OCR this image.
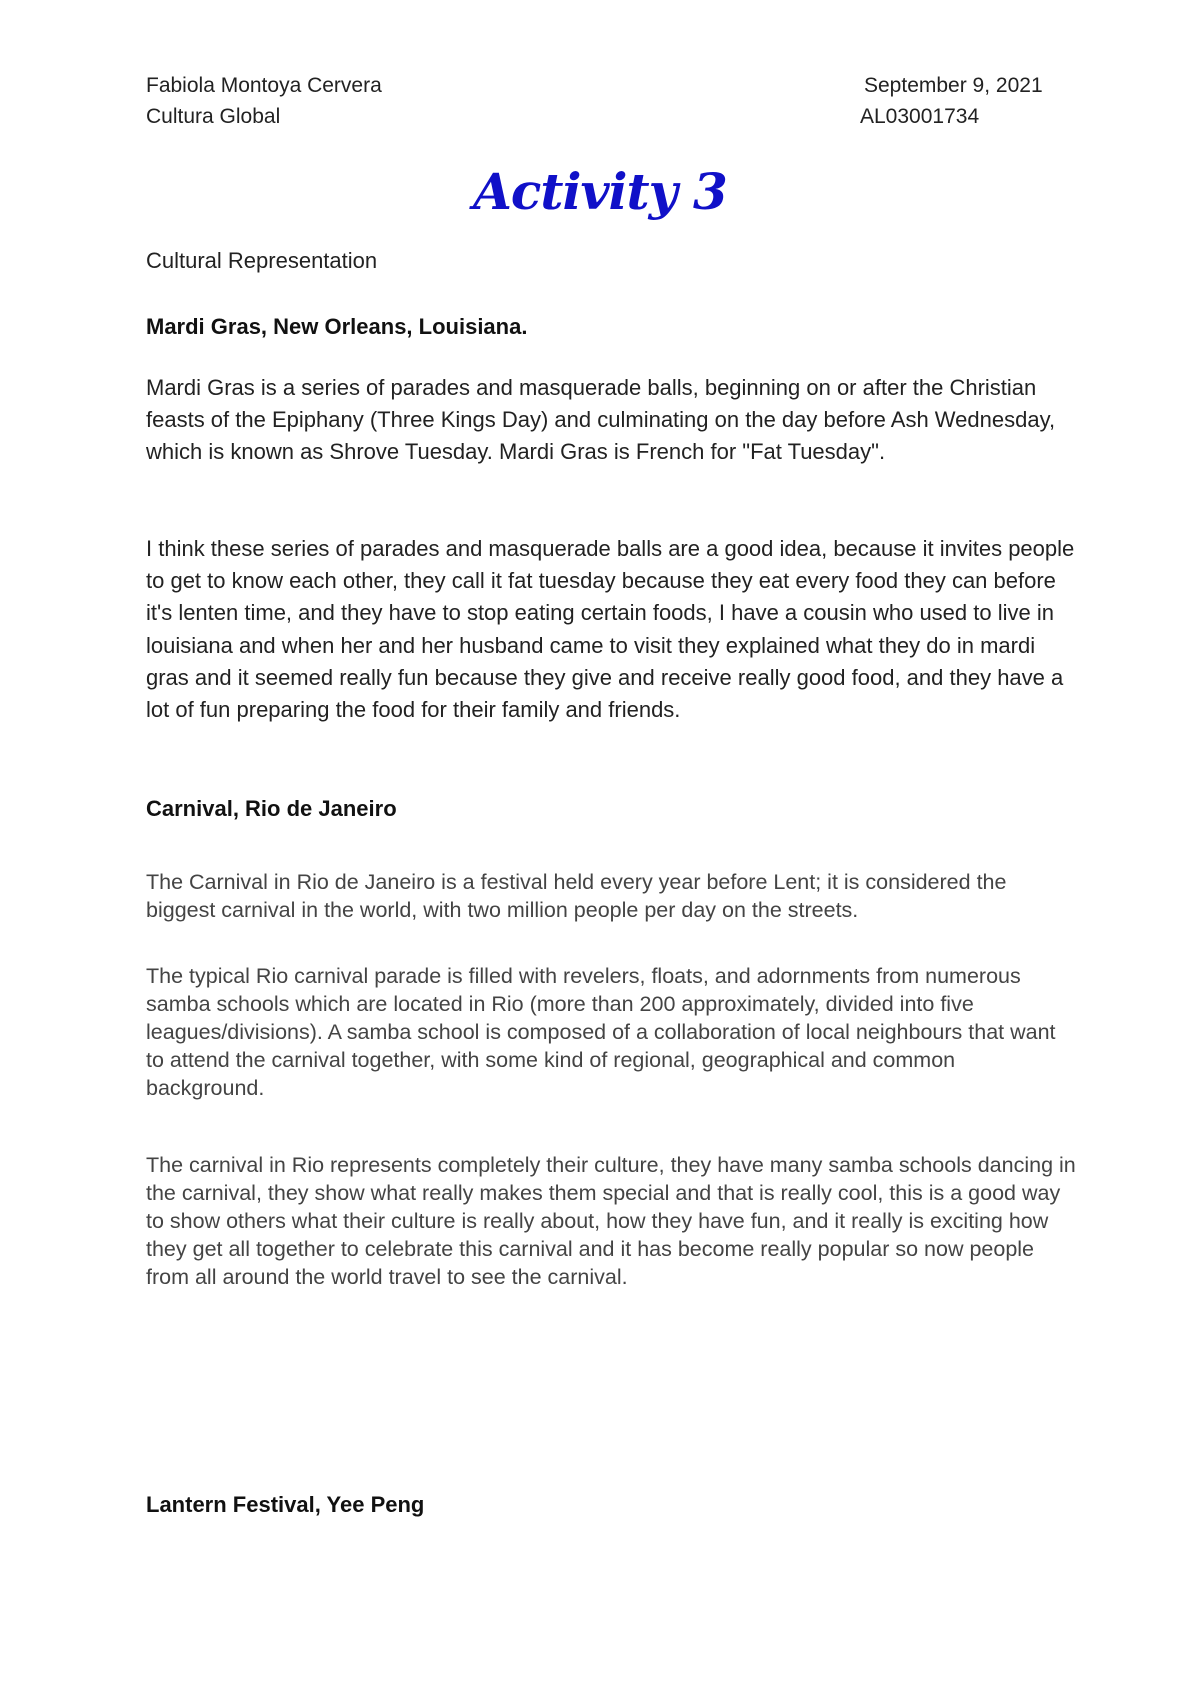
Fabiola Montoya Cervera	September 9, 2021
Cultura Global	AL03001734
Activity 3
Cultural Representation
Mardi Gras, New Orleans, Louisiana.

Mardi Gras is a series of parades and masquerade balls, beginning on or after the Christian feasts of the Epiphany (Three Kings Day) and culminating on the day before Ash Wednesday, which is known as Shrove Tuesday. Mardi Gras is French for "Fat Tuesday".

I think these series of parades and masquerade balls are a good idea, because it invites people to get to know each other, they call it fat tuesday because they eat every food they can before it's lenten time, and they have to stop eating certain foods, I have a cousin who used to live in louisiana and when her and her husband came to visit they explained what they do in mardi gras and it seemed really fun because they give and receive really good food, and they have a lot of fun preparing the food for their family and friends.

Carnival, Rio de Janeiro

The Carnival in Rio de Janeiro is a festival held every year before Lent; it is considered the biggest carnival in the world, with two million people per day on the streets.

The typical Rio carnival parade is filled with revelers, floats, and adornments from numerous samba schools which are located in Rio (more than 200 approximately, divided into five leagues/divisions). A samba school is composed of a collaboration of local neighbours that want to attend the carnival together, with some kind of regional, geographical and common background.

The carnival in Rio represents completely their culture, they have many samba schools dancing in the carnival, they show what really makes them special and that is really cool, this is a good way to show others what their culture is really about, how they have fun, and it really is exciting how they get all together to celebrate this carnival and it has become really popular so now people from all around the world travel to see the carnival.

Lantern Festival, Yee Peng
